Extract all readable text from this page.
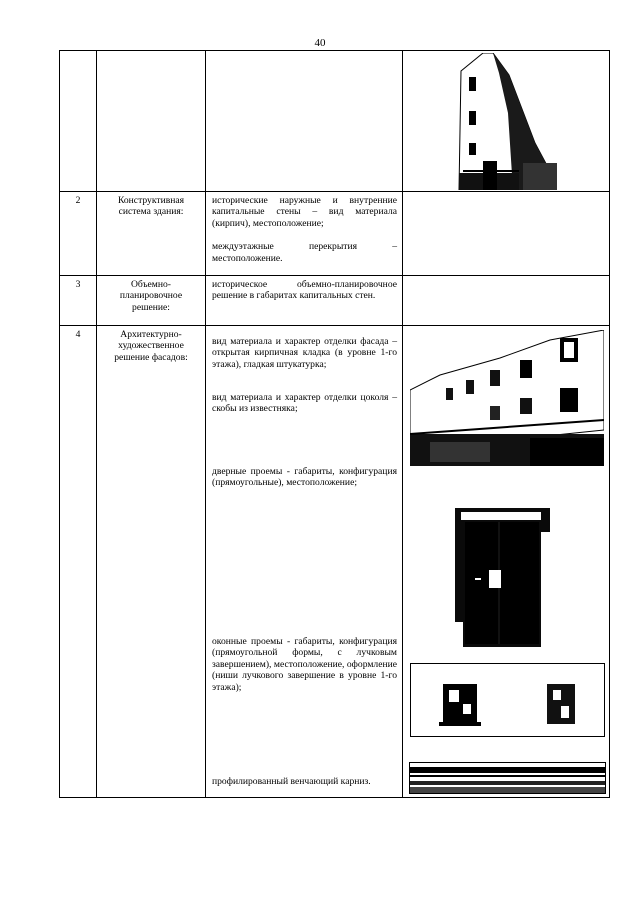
40

2	Конструктивная система здания:	исторические наружные и внутренние капитальные стены – вид материала (кирпич), местоположение;

междуэтажные перекрытия – местоположение.	

3	Объемно-планировочное решение:	историческое объемно-планировочное решение в габаритах капитальных стен.	

4	Архитектурно-художественное решение фасадов:	вид материала и характер отделки фасада – открытая кирпичная кладка (в уровне 1-го этажа), гладкая штукатурка;

вид материала и характер отделки цоколя – скобы из известняка;

дверные проемы - габариты, конфигурация (прямоугольные), местоположение;

оконные проемы - габариты, конфигурация (прямоугольной формы, с лучковым завершением), местоположение, оформление (ниши лучкового завершение в уровне 1-го этажа);

профилированный венчающий карниз.
